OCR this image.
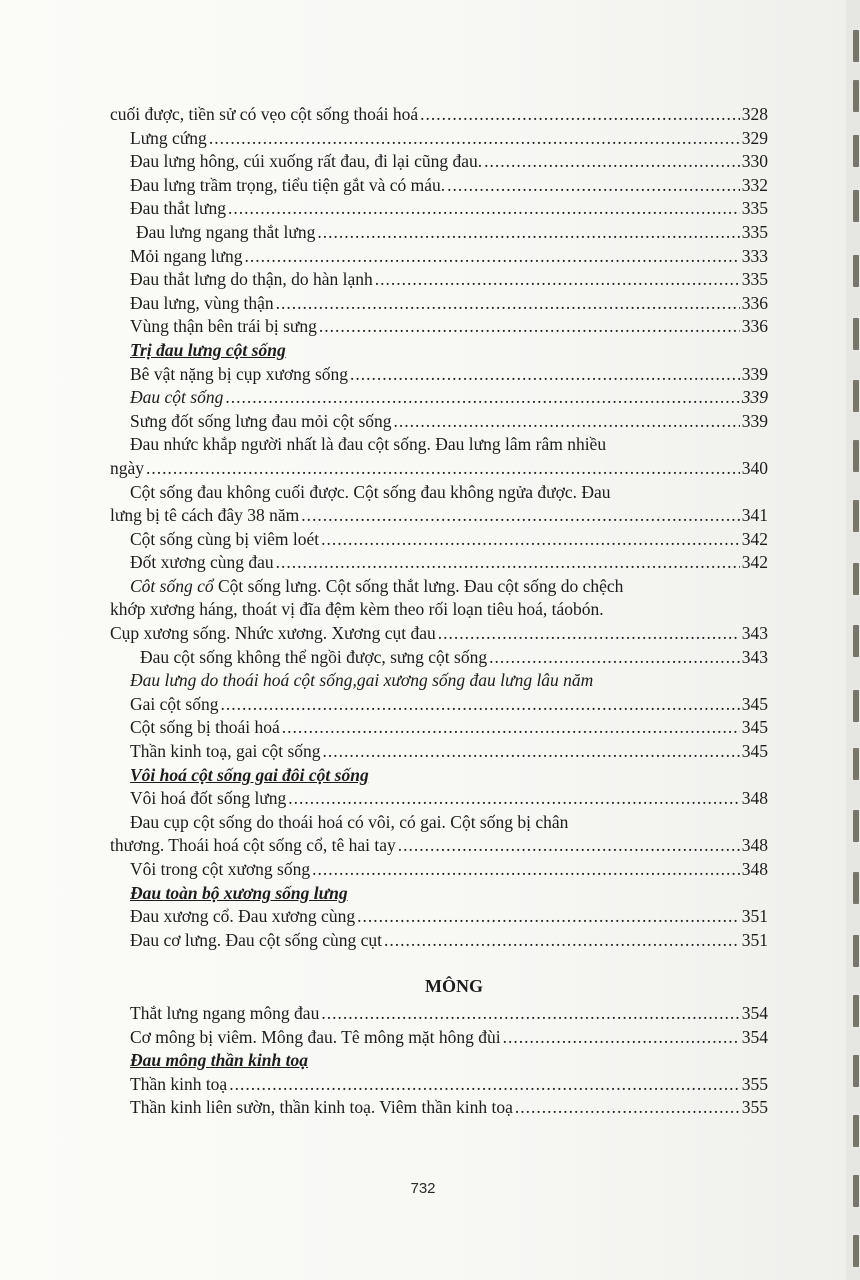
cuối được, tiền sử có vẹo cột sống thoái hoá .....	328
Lưng cứng .....	329
Đau lưng hông, cúi xuống rất đau, đi lại cũng đau. .....	330
Đau lưng trầm trọng, tiểu tiện gắt và có máu. .....	332
Đau thắt lưng .....	335
Đau lưng ngang thắt lưng .....	335
Mỏi ngang lưng .....	333
Đau thắt lưng do thận, do hàn lạnh .....	335
Đau lưng, vùng thận .....	336
Vùng thận bên trái bị sưng .....	336
Trị đau lưng cột sống
Bê vật nặng bị cụp xương sống .....	339
Đau cột sống .....	339
Sưng đốt sống lưng đau mỏi cột sống .....	339
Đau nhức khắp người nhất là đau cột sống. Đau lưng lâm râm nhiều
ngày .....	340
Cột sống đau không cuối được. Cột sống đau không ngửa được. Đau
lưng bị tê cách đây 38 năm .....	341
Cột sống cùng bị viêm loét .....	342
Đốt xương cùng đau .....	342
Côt sống cổ Cột sống lưng. Cột sống thắt lưng. Đau cột sống do chệch
khớp xương háng, thoát vị đĩa đệm kèm theo rối loạn tiêu hoá, táobón.
Cụp xương sống. Nhức xương. Xương cụt đau .....	343
Đau cột sống không thể ngồi được, sưng cột sống .....	343
Đau lưng do thoái hoá cột sống,gai xương sống đau lưng lâu năm
Gai cột sống .....	345
Cột sống bị thoái hoá .....	345
Thần kinh toạ, gai cột sống .....	345
Vôi hoá cột sống gai đôi cột sống
Vôi hoá đốt sống lưng .....	348
Đau cụp cột sống do thoái hoá có vôi, có gai. Cột sống bị chân
thương. Thoái hoá cột sống cổ, tê hai tay .....	348
Vôi trong cột xương sống .....	348
Đau toàn bộ xương sống lưng
Đau xương cổ. Đau xương cùng .....	351
Đau cơ lưng. Đau cột sống cùng cụt .....	351
MÔNG
Thắt lưng ngang mông đau .....	354
Cơ mông bị viêm. Mông đau. Tê mông mặt hông đùi .....	354
Đau mông thần kinh toạ
Thần kinh toạ .....	355
Thần kinh liên sườn, thần kinh toạ. Viêm thần kinh toạ .....	355
732
